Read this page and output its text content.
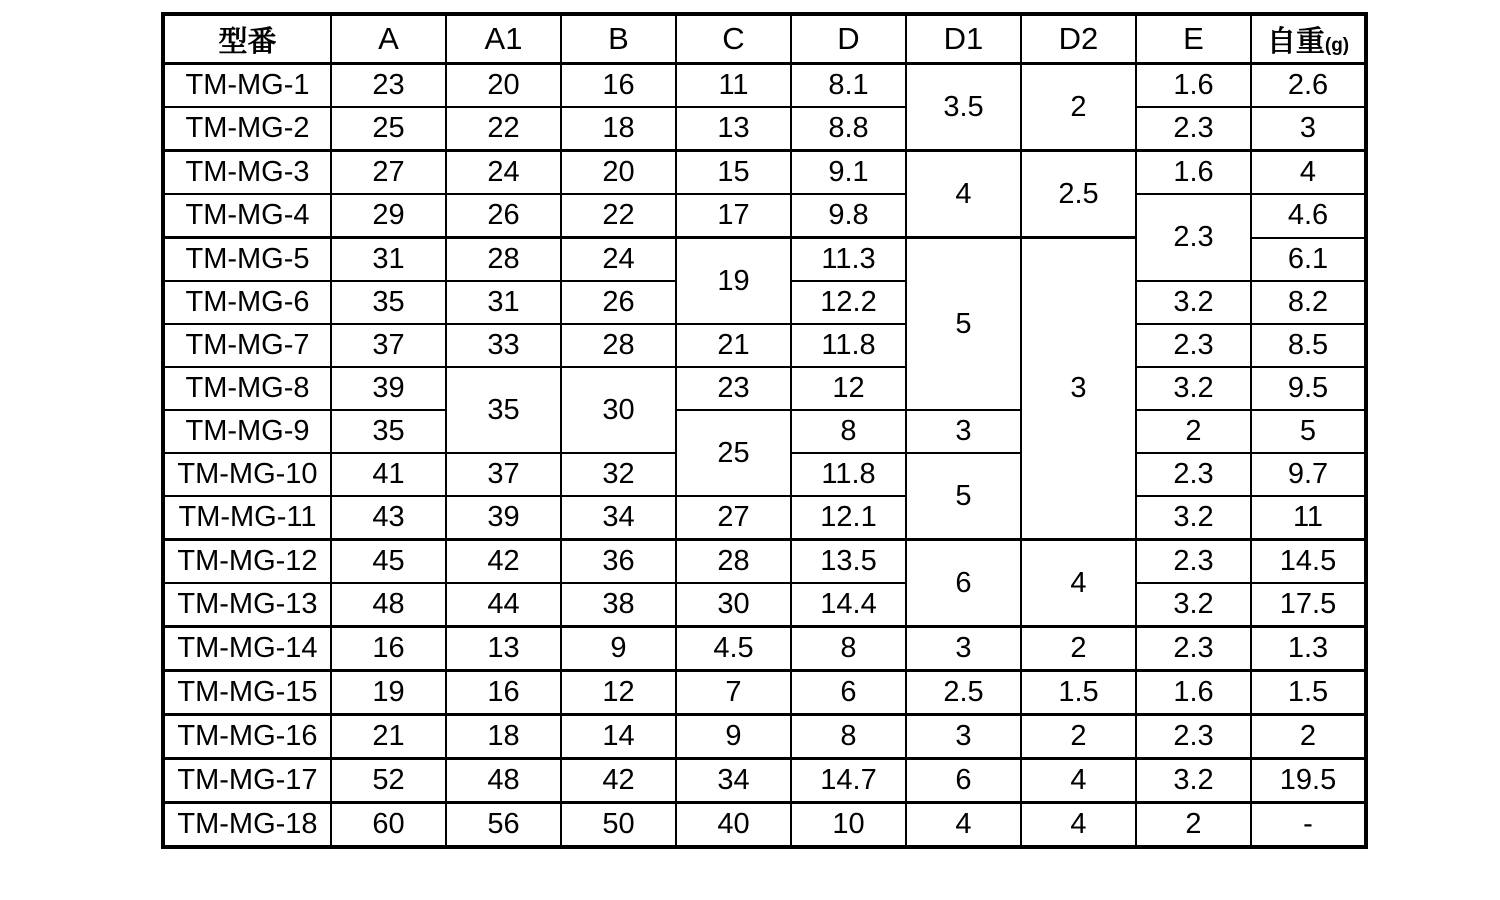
型番	A	A1	B	C	D	D1	D2	E	自重(g)
TM-MG-1	23	20	16	11	8.1	3.5	2	1.6	2.6
TM-MG-2	25	22	18	13	8.8			2.3	3
TM-MG-3	27	24	20	15	9.1	4	2.5	1.6	4
TM-MG-4	29	26	22	17	9.8			2.3	4.6
TM-MG-5	31	28	24	19	11.3	5	3		6.1
TM-MG-6	35	31	26		12.2			3.2	8.2
TM-MG-7	37	33	28	21	11.8			2.3	8.5
TM-MG-8	39	35	30	23	12			3.2	9.5
TM-MG-9	35			25	8	3		2	5
TM-MG-10	41	37	32		11.8	5		2.3	9.7
TM-MG-11	43	39	34	27	12.1			3.2	11
TM-MG-12	45	42	36	28	13.5	6	4	2.3	14.5
TM-MG-13	48	44	38	30	14.4			3.2	17.5
TM-MG-14	16	13	9	4.5	8	3	2	2.3	1.3
TM-MG-15	19	16	12	7	6	2.5	1.5	1.6	1.5
TM-MG-16	21	18	14	9	8	3	2	2.3	2
TM-MG-17	52	48	42	34	14.7	6	4	3.2	19.5
TM-MG-18	60	56	50	40	10	4	4	2	-
